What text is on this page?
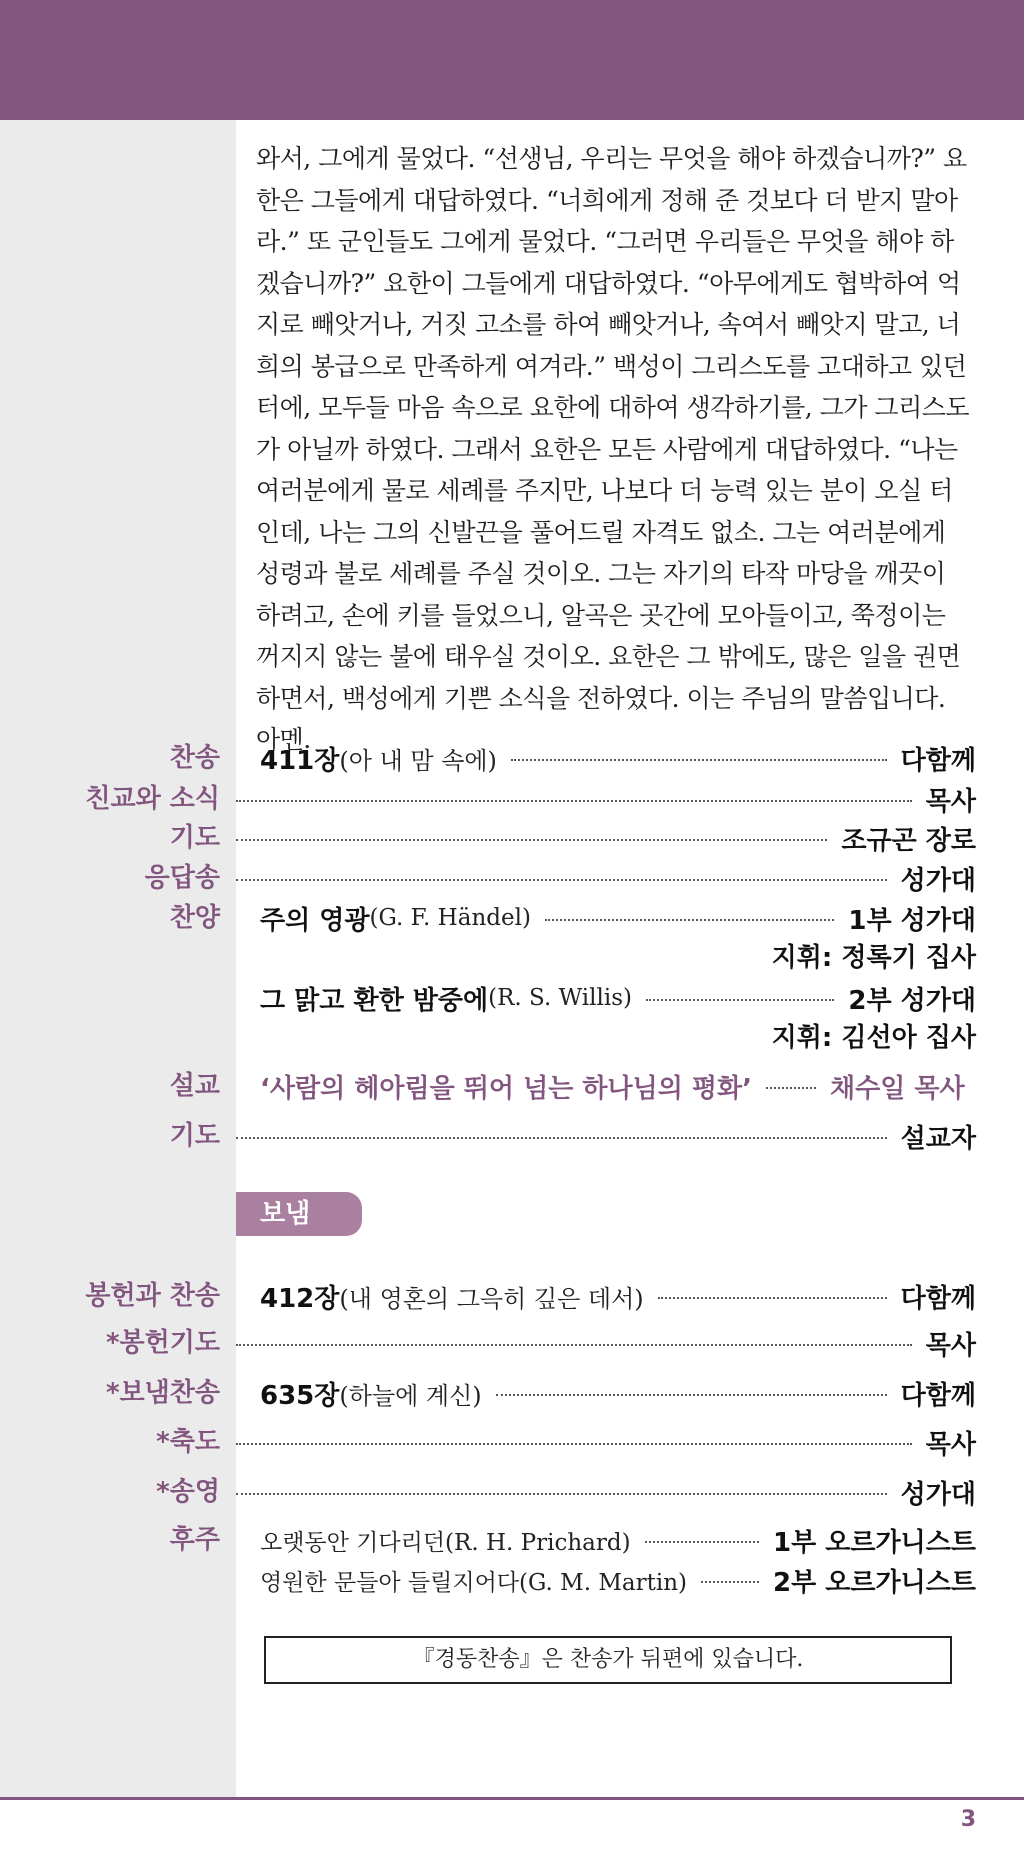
와서, 그에게 물었다. “선생님, 우리는 무엇을 해야 하겠습니까?” 요한은 그들에게 대답하였다. “너희에게 정해 준 것보다 더 받지 말아라.” 또 군인들도 그에게 물었다. “그러면 우리들은 무엇을 해야 하겠습니까?” 요한이 그들에게 대답하였다. “아무에게도 협박하여 억지로 빼앗거나, 거짓 고소를 하여 빼앗거나, 속여서 빼앗지 말고, 너희의 봉급으로 만족하게 여겨라.” 백성이 그리스도를 고대하고 있던 터에, 모두들 마음 속으로 요한에 대하여 생각하기를, 그가 그리스도가 아닐까 하였다. 그래서 요한은 모든 사람에게 대답하였다. “나는 여러분에게 물로 세례를 주지만, 나보다 더 능력 있는 분이 오실 터인데, 나는 그의 신발끈을 풀어드릴 자격도 없소. 그는 여러분에게 성령과 불로 세례를 주실 것이오. 그는 자기의 타작 마당을 깨끗이 하려고, 손에 키를 들었으니, 알곡은 곳간에 모아들이고, 쭉정이는 꺼지지 않는 불에 태우실 것이오. 요한은 그 밖에도, 많은 일을 권면하면서, 백성에게 기쁜 소식을 전하였다. 이는 주님의 말씀입니다. 아멘.

찬송 411장 (아 내 맘 속에)	다함께
친교와 소식	목사
기도	조규곤 장로
응답송	성가대
찬양 주의 영광 (G. F. Händel)	1부 성가대
지휘: 정록기 집사
그 맑고 환한 밤중에 (R. S. Willis)	2부 성가대
지휘: 김선아 집사
설교 ‘사람의 헤아림을 뛰어 넘는 하나님의 평화’	채수일 목사
기도	설교자
보냄
봉헌과 찬송 412장 (내 영혼의 그윽히 깊은 데서)	다함께
*봉헌기도	목사
*보냄찬송 635장 (하늘에 계신)	다함께
*축도	목사
*송영	성가대
후주 오랫동안 기다리던(R. H. Prichard)	1부 오르가니스트
영원한 문들아 들릴지어다(G. M. Martin)	2부 오르가니스트
『경동찬송』은 찬송가 뒤편에 있습니다.
3
